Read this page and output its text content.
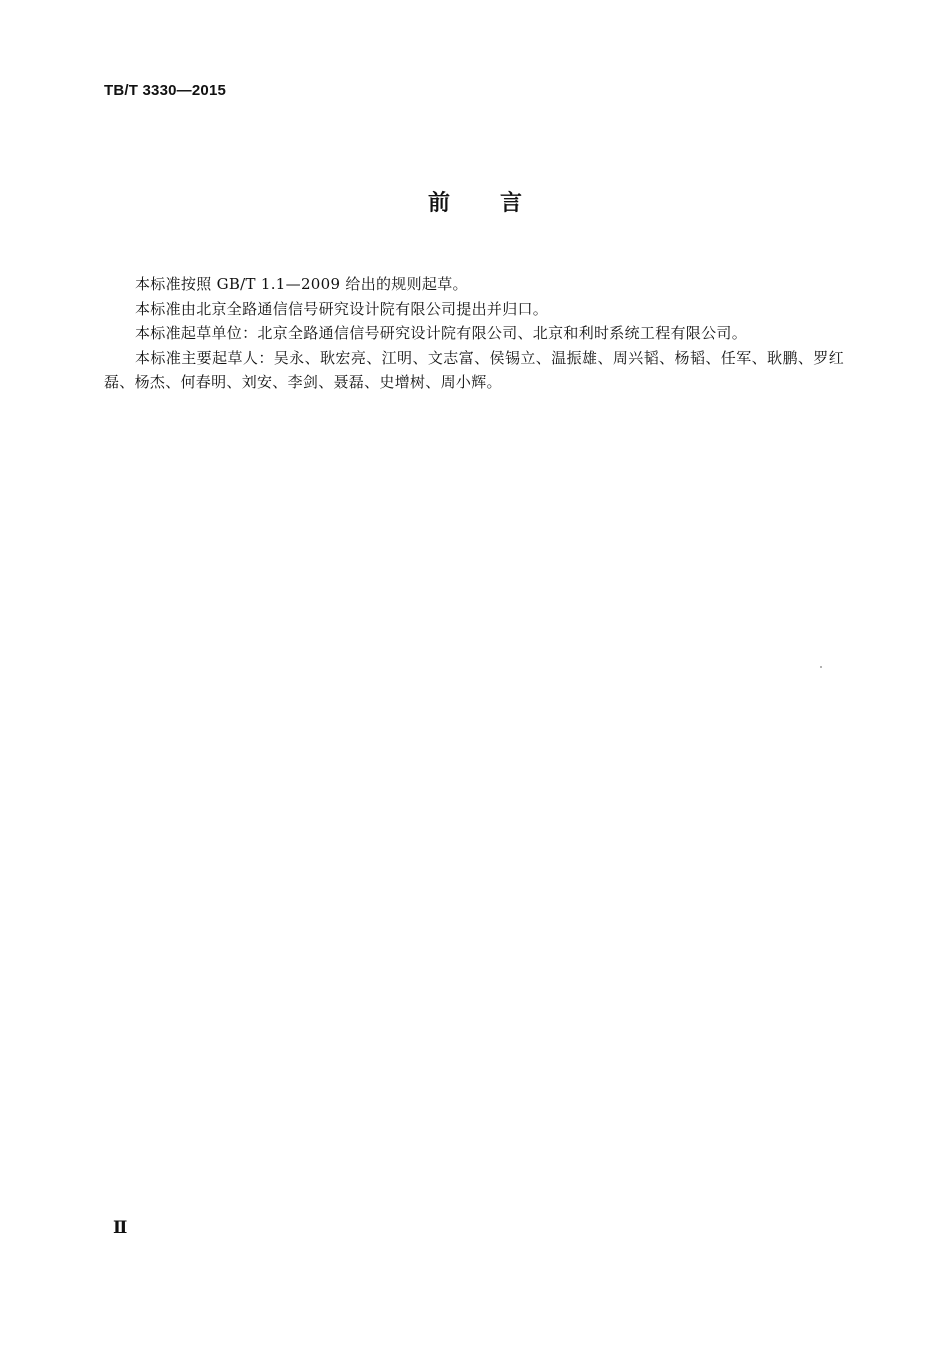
TB/T 3330—2015
前言

本标准按照 GB/T 1.1—2009 给出的规则起草。

本标准由北京全路通信信号研究设计院有限公司提出并归口。

本标准起草单位：北京全路通信信号研究设计院有限公司、北京和利时系统工程有限公司。

本标准主要起草人：吴永、耿宏亮、江明、文志富、侯锡立、温振雄、周兴韬、杨韬、任军、耿鹏、罗红磊、杨杰、何春明、刘安、李剑、聂磊、史增树、周小辉。

Ⅱ
